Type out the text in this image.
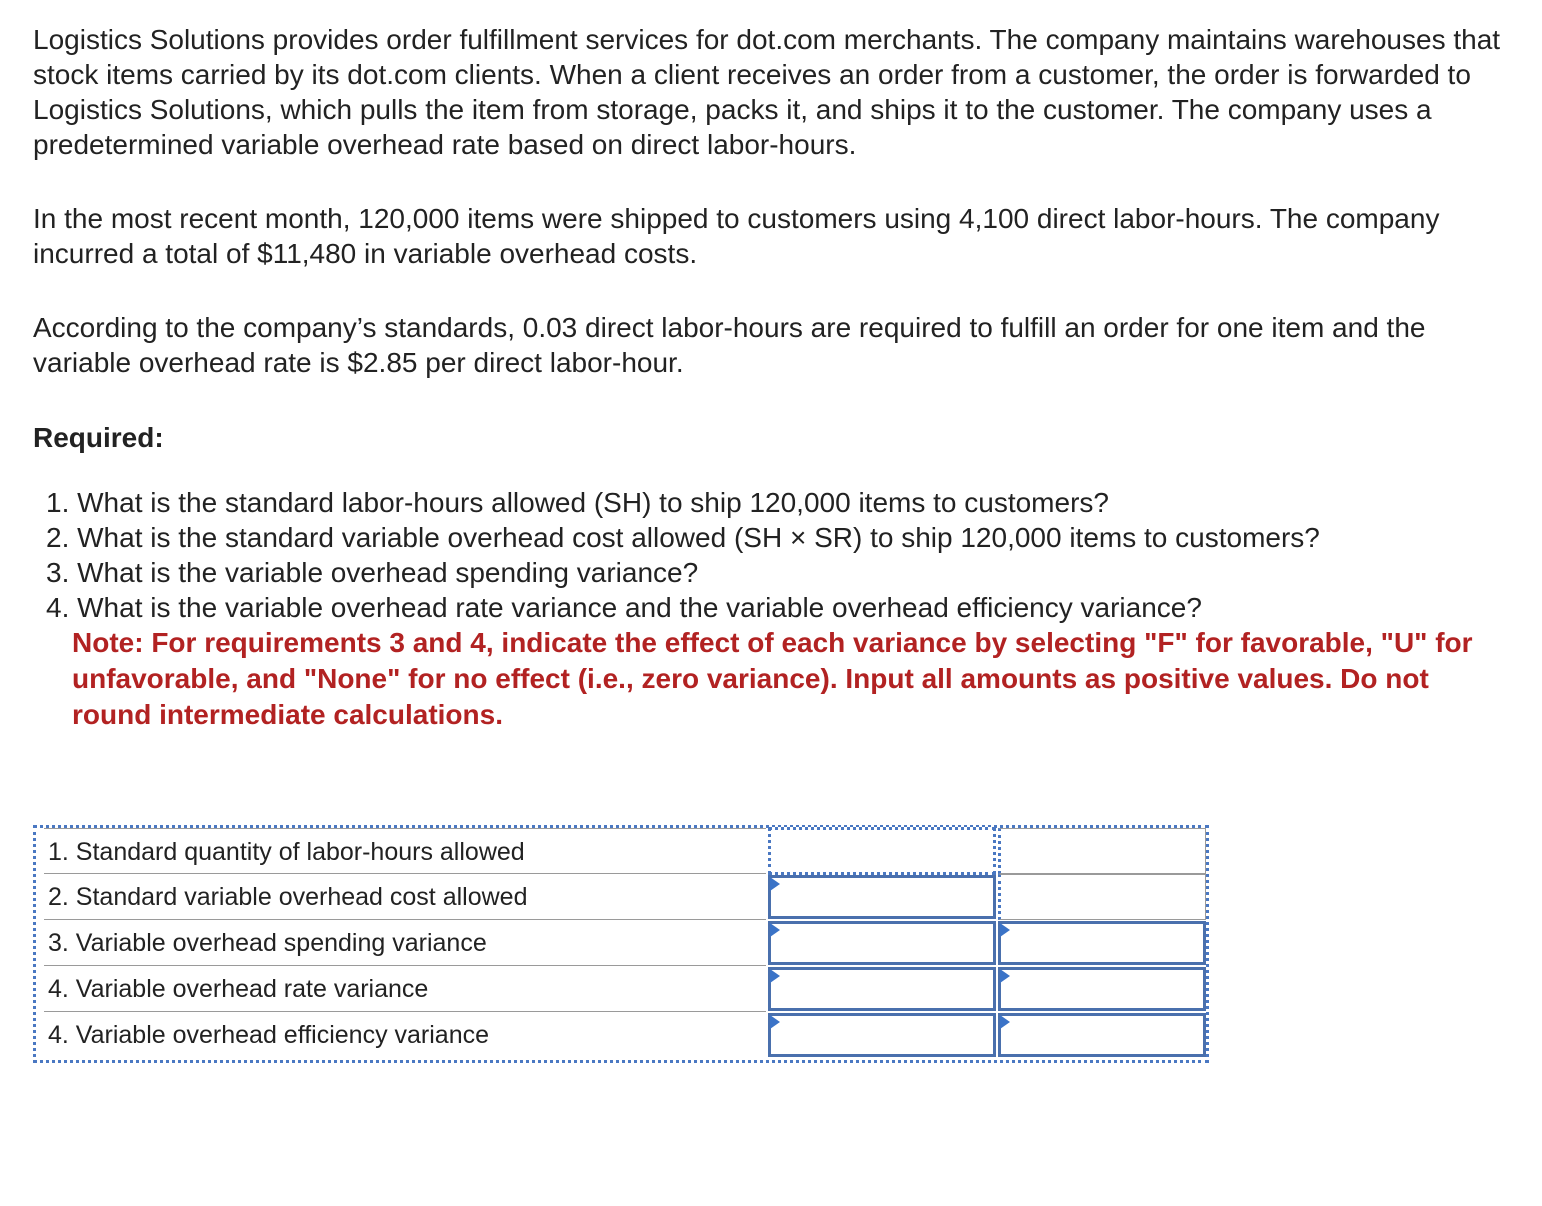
Logistics Solutions provides order fulfillment services for dot.com merchants. The company maintains warehouses that stock items carried by its dot.com clients. When a client receives an order from a customer, the order is forwarded to Logistics Solutions, which pulls the item from storage, packs it, and ships it to the customer. The company uses a predetermined variable overhead rate based on direct labor-hours.

In the most recent month, 120,000 items were shipped to customers using 4,100 direct labor-hours. The company incurred a total of $11,480 in variable overhead costs.

According to the company’s standards, 0.03 direct labor-hours are required to fulfill an order for one item and the variable overhead rate is $2.85 per direct labor-hour.

Required:

1. What is the standard labor-hours allowed (SH) to ship 120,000 items to customers?
2. What is the standard variable overhead cost allowed (SH × SR) to ship 120,000 items to customers?
3. What is the variable overhead spending variance?
4. What is the variable overhead rate variance and the variable overhead efficiency variance?

Note: For requirements 3 and 4, indicate the effect of each variance by selecting "F" for favorable, "U" for unfavorable, and "None" for no effect (i.e., zero variance). Input all amounts as positive values. Do not round intermediate calculations.

1. Standard quantity of labor-hours allowed
2. Standard variable overhead cost allowed
3. Variable overhead spending variance
4. Variable overhead rate variance
4. Variable overhead efficiency variance
